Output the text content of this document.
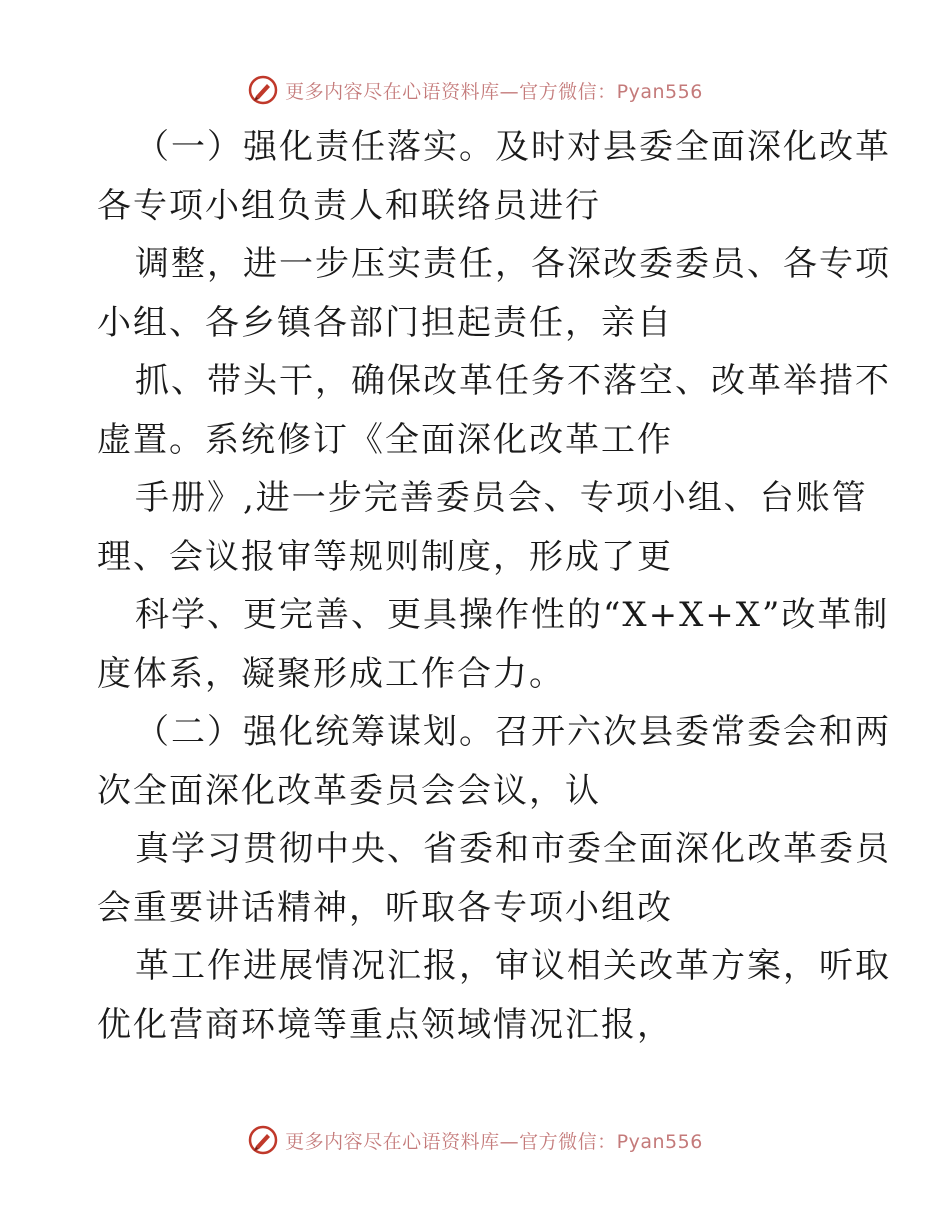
更多内容尽在心语资料库—官方微信：Pyan556
（一）强化责任落实。及时对县委全面深化改革
各专项小组负责人和联络员进行
调整，进一步压实责任，各深改委委员、各专项
小组、各乡镇各部门担起责任，亲自
抓、带头干，确保改革任务不落空、改革举措不
虚置。系统修订《全面深化改革工作
手册》,进一步完善委员会、专项小组、台账管
理、会议报审等规则制度，形成了更
科学、更完善、更具操作性的“X+X+X”改革制
度体系，凝聚形成工作合力。
（二）强化统筹谋划。召开六次县委常委会和两
次全面深化改革委员会会议，认
真学习贯彻中央、省委和市委全面深化改革委员
会重要讲话精神，听取各专项小组改
革工作进展情况汇报，审议相关改革方案，听取
优化营商环境等重点领域情况汇报，
更多内容尽在心语资料库—官方微信：Pyan556
